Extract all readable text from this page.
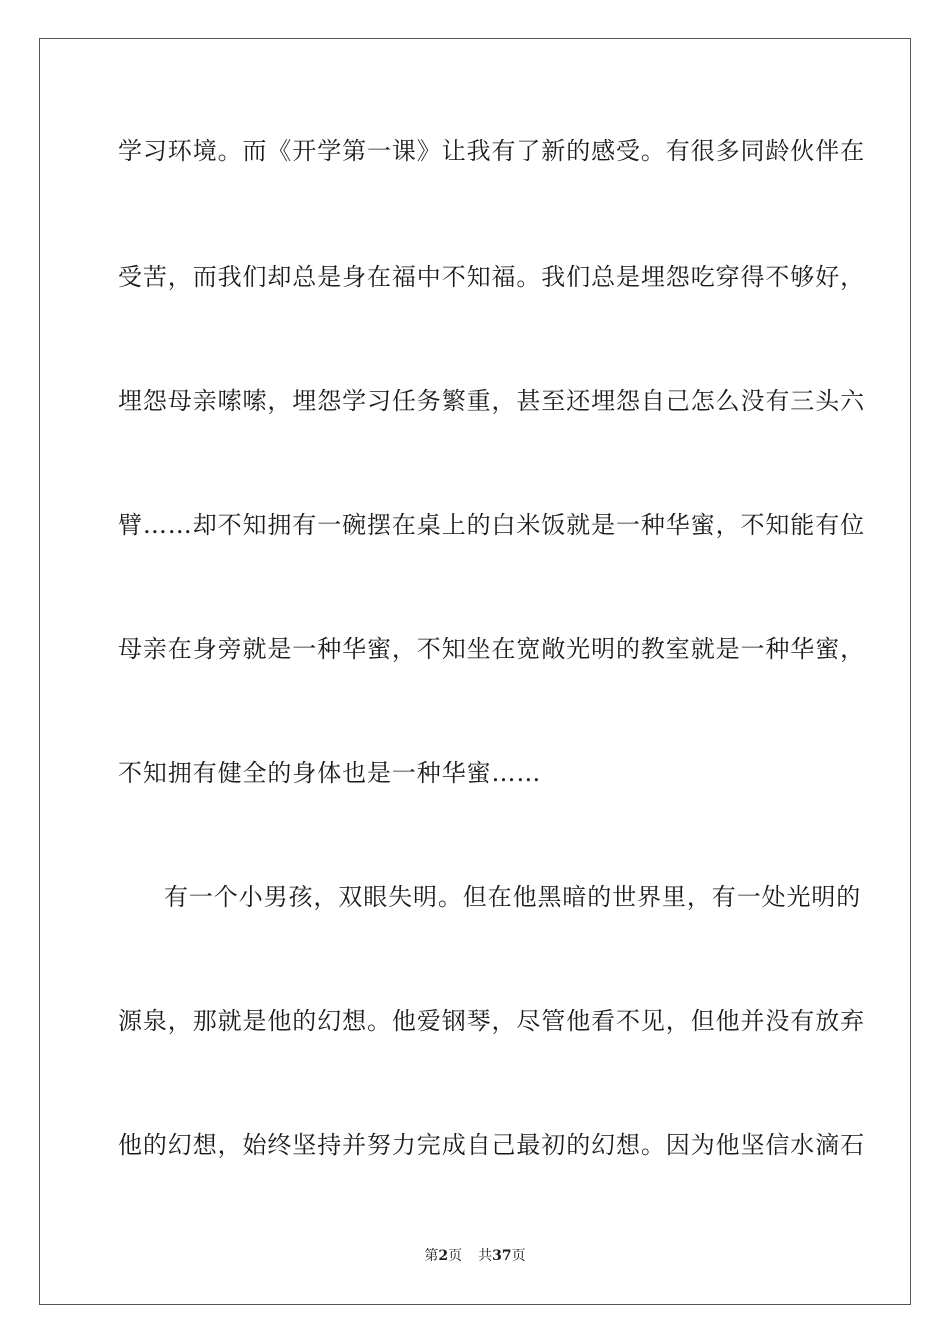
学习环境。而《开学第一课》让我有了新的感受。有很多同龄伙伴在
受苦，而我们却总是身在福中不知福。我们总是埋怨吃穿得不够好，
埋怨母亲嗦嗦，埋怨学习任务繁重，甚至还埋怨自己怎么没有三头六
臂……却不知拥有一碗摆在桌上的白米饭就是一种华蜜，不知能有位
母亲在身旁就是一种华蜜，不知坐在宽敞光明的教室就是一种华蜜，
不知拥有健全的身体也是一种华蜜……
有一个小男孩，双眼失明。但在他黑暗的世界里，有一处光明的
源泉，那就是他的幻想。他爱钢琴，尽管他看不见，但他并没有放弃
他的幻想，始终坚持并努力完成自己最初的幻想。因为他坚信水滴石
第2页 共37页
